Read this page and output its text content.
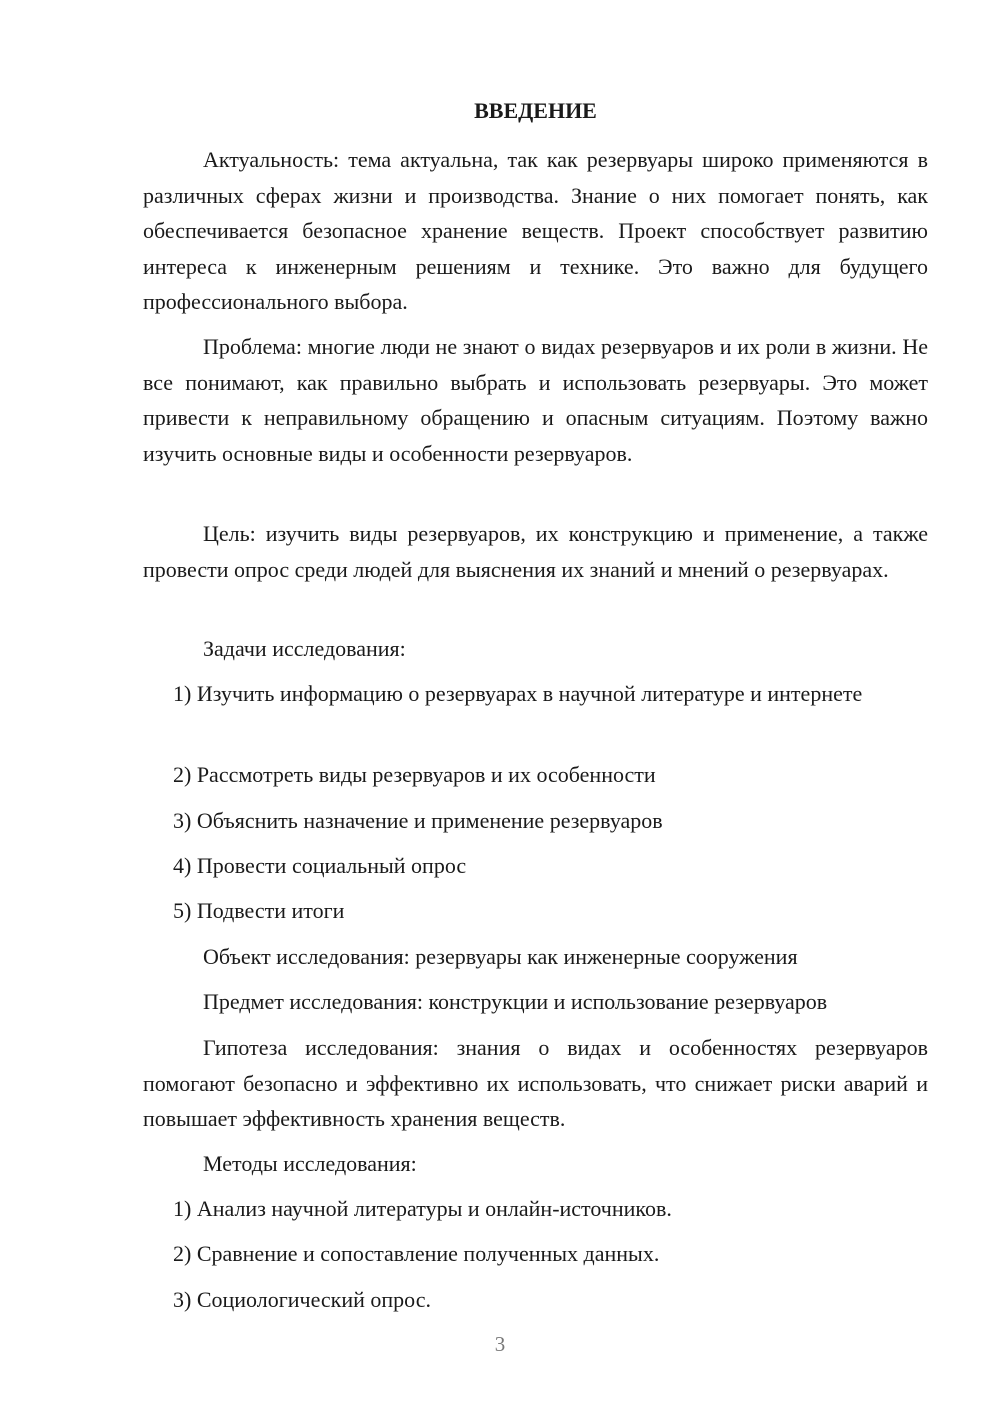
ВВЕДЕНИЕ

Актуальность: тема актуальна, так как резервуары широко применяются в различных сферах жизни и производства. Знание о них помогает понять, как обеспечивается безопасное хранение веществ. Проект способствует развитию интереса к инженерным решениям и технике. Это важно для будущего профессионального выбора.

Проблема: многие люди не знают о видах резервуаров и их роли в жизни. Не все понимают, как правильно выбрать и использовать резервуары. Это может привести к неправильному обращению и опасным ситуациям. Поэтому важно изучить основные виды и особенности резервуаров.

Цель: изучить виды резервуаров, их конструкцию и применение, а также провести опрос среди людей для выяснения их знаний и мнений о резервуарах.

Задачи исследования:

1) Изучить информацию о резервуарах в научной литературе и интернете

2) Рассмотреть виды резервуаров и их особенности

3) Объяснить назначение и применение резервуаров

4) Провести социальный опрос

5) Подвести итоги

Объект исследования: резервуары как инженерные сооружения

Предмет исследования: конструкции и использование резервуаров

Гипотеза исследования: знания о видах и особенностях резервуаров помогают безопасно и эффективно их использовать, что снижает риски аварий и повышает эффективность хранения веществ.

Методы исследования:

1) Анализ научной литературы и онлайн-источников.

2) Сравнение и сопоставление полученных данных.

3) Социологический опрос.

3
